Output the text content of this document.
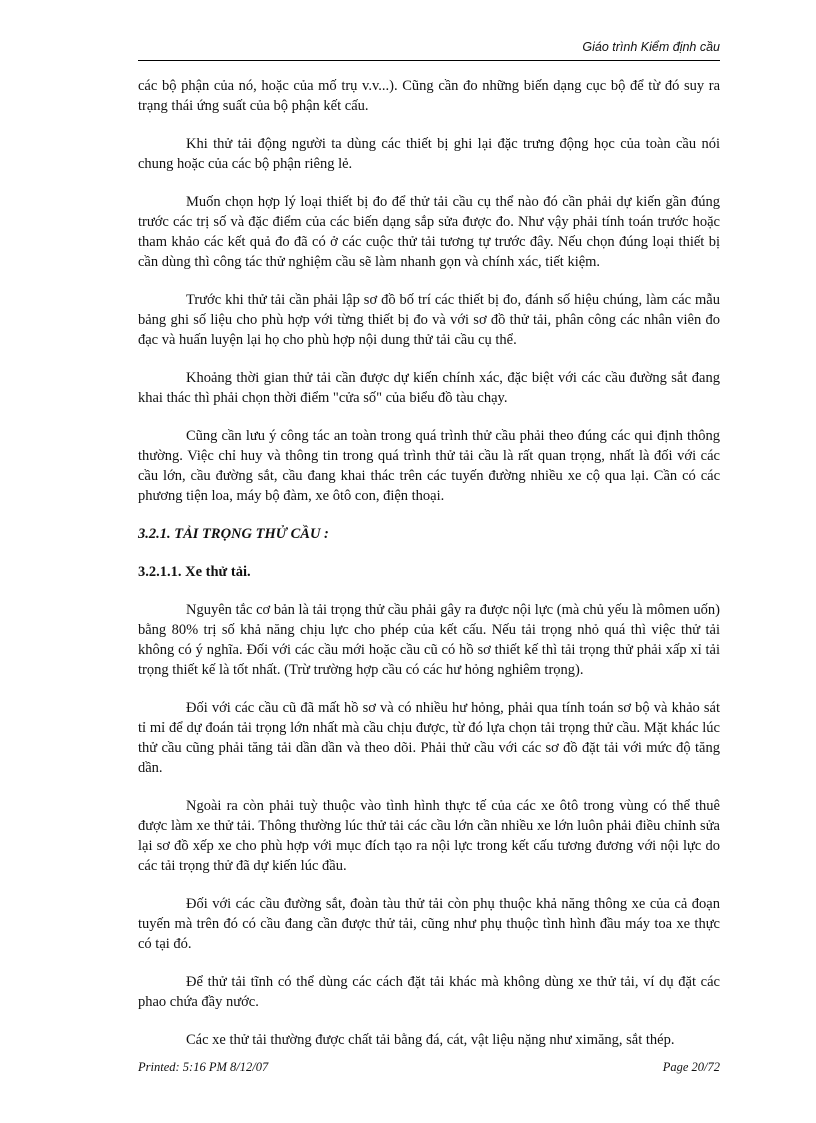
Giáo trình Kiểm định cầu

các bộ phận của nó, hoặc của mố trụ v.v...). Cũng cần đo những biến dạng cục bộ để từ đó suy ra trạng thái ứng suất của bộ phận kết cấu.

Khi thử tải động người ta dùng các thiết bị ghi lại đặc trưng động học của toàn cầu nói chung hoặc của các bộ phận riêng lẻ.

Muốn chọn hợp lý loại thiết bị đo để thử tải cầu cụ thể nào đó cần phải dự kiến gần đúng trước các trị số và đặc điểm của các biến dạng sắp sửa được đo. Như vậy phải tính toán trước hoặc tham khảo các kết quả đo đã có ở các cuộc thử tải tương tự trước đây. Nếu chọn đúng loại thiết bị cần dùng thì công tác thử nghiệm cầu sẽ làm nhanh gọn và chính xác, tiết kiệm.

Trước khi thử tải cần phải lập sơ đồ bố trí các thiết bị đo, đánh số hiệu chúng, làm các mẫu bảng ghi số liệu cho phù hợp với từng thiết bị đo và với sơ đồ thử tải, phân công các nhân viên đo đạc và huấn luyện lại họ cho phù hợp nội dung thử tải cầu cụ thể.

Khoảng thời gian thử tải cần được dự kiến chính xác, đặc biệt với các cầu đường sắt đang khai thác thì phải chọn thời điểm "cửa số" của biểu đồ tàu chạy.

Cũng cần lưu ý công tác an toàn trong quá trình thử cầu phải theo đúng các qui định thông thường. Việc chỉ huy và thông tin trong quá trình thử tải cầu là rất quan trọng, nhất là đối với các cầu lớn, cầu đường sắt, cầu đang khai thác trên các tuyến đường nhiều xe cộ qua lại. Cần có các phương tiện loa, máy bộ đàm, xe ôtô con, điện thoại.

3.2.1. TẢI TRỌNG THỬ CẦU :
3.2.1.1. Xe thử tải.

Nguyên tắc cơ bản là tải trọng thử cầu phải gây ra được nội lực (mà chủ yếu là mômen uốn) bằng 80% trị số khả năng chịu lực cho phép của kết cấu. Nếu tải trọng nhỏ quá thì việc thử tải không có ý nghĩa. Đối với các cầu mới hoặc cầu cũ có hồ sơ thiết kế thì tải trọng thử phải xấp xỉ tải trọng thiết kế là tốt nhất. (Trừ trường hợp cầu có các hư hỏng nghiêm trọng).

Đối với các cầu cũ đã mất hồ sơ và có nhiều hư hỏng, phải qua tính toán sơ bộ và khảo sát tỉ mỉ để dự đoán tải trọng lớn nhất mà cầu chịu được, từ đó lựa chọn tải trọng thử cầu. Mặt khác lúc thử cầu cũng phải tăng tải dần dần và theo dõi. Phải thử cầu với các sơ đồ đặt tải với mức độ tăng dần.

Ngoài ra còn phải tuỳ thuộc vào tình hình thực tế của các xe ôtô trong vùng có thể thuê được làm xe thử tải. Thông thường lúc thử tải các cầu lớn cần nhiều xe lớn luôn phải điều chỉnh sửa lại sơ đồ xếp xe cho phù hợp với mục đích tạo ra nội lực trong kết cấu tương đương với nội lực do các tải trọng thử đã dự kiến lúc đầu.

Đối với các cầu đường sắt, đoàn tàu thử tải còn phụ thuộc khả năng thông xe của cả đoạn tuyến mà trên đó có cầu đang cần được thử tải, cũng như phụ thuộc tình hình đầu máy toa xe thực có tại đó.

Để thử tải tĩnh có thể dùng các cách đặt tải khác mà không dùng xe thử tải, ví dụ đặt các phao chứa đầy nước.

Các xe thử tải thường được chất tải bằng đá, cát, vật liệu nặng như ximăng, sắt thép.

Printed: 5:16 PM 8/12/07	Page 20/72
